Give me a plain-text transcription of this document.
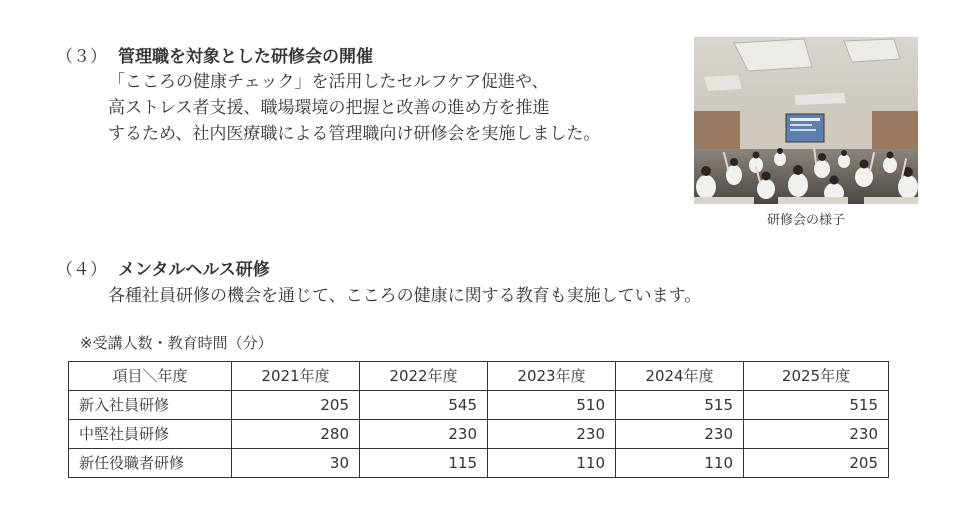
（３） 管理職を対象とした研修会の開催
「こころの健康チェック」を活用したセルフケア促進や、
高ストレス者支援、職場環境の把握と改善の進め方を推進
するため、社内医療職による管理職向け研修会を実施しました。
研修会の様子
（４） メンタルヘルス研修
各種社員研修の機会を通じて、こころの健康に関する教育も実施しています。
※受講人数・教育時間（分）
項目＼年度	2021年度	2022年度	2023年度	2024年度	2025年度
新入社員研修	205	545	510	515	515
中堅社員研修	280	230	230	230	230
新任役職者研修	30	115	110	110	205
